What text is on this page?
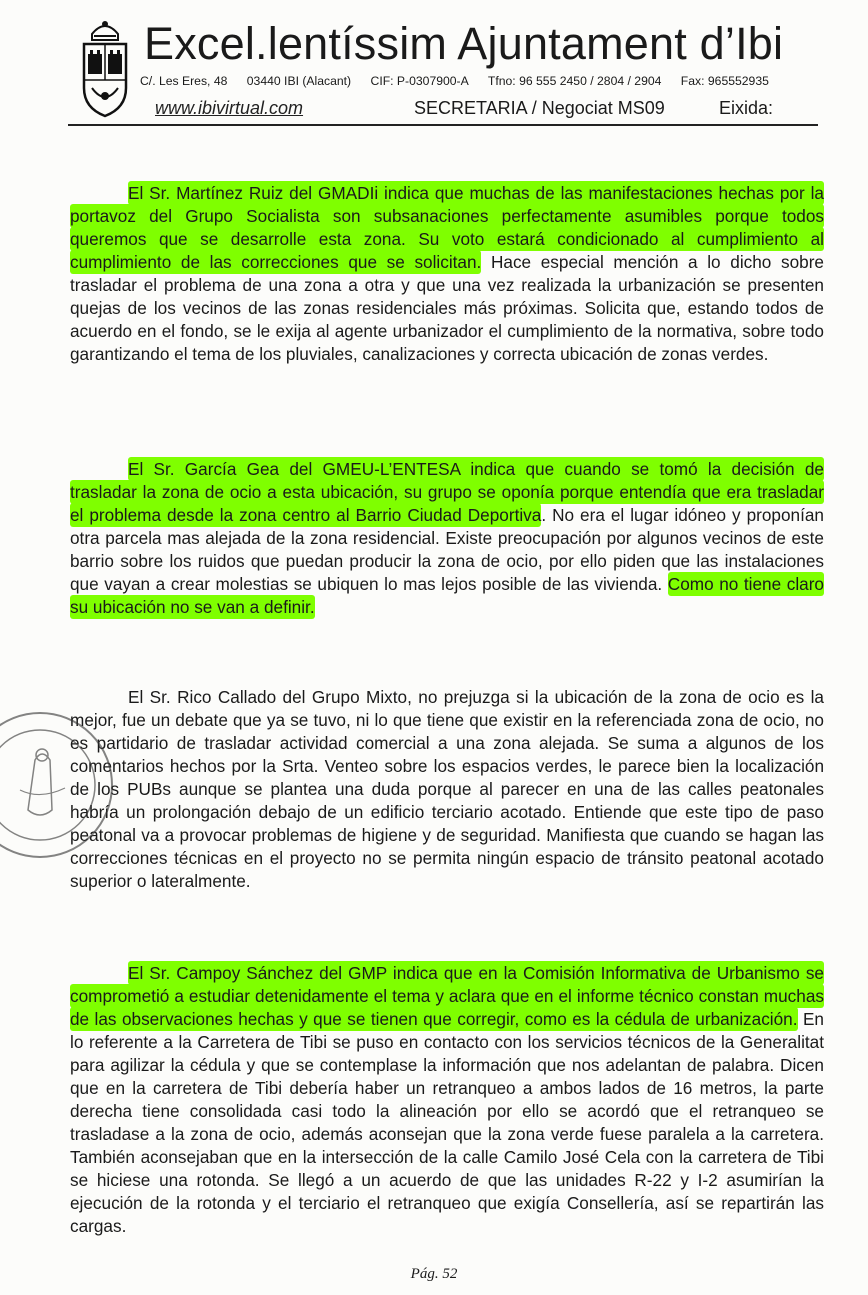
Excel.lentíssim Ajuntament d’Ibi
C/. Les Eres, 48 03440 IBI (Alacant) CIF: P-0307900-A Tfno: 96 555 2450 / 2804 / 2904 Fax: 965552935
www.ibivirtual.com	SECRETARIA / Negociat MS09	Eixida:

El Sr. Martínez Ruiz del GMADIi indica que muchas de las manifestaciones hechas por la portavoz del Grupo Socialista son subsanaciones perfectamente asumibles porque todos queremos que se desarrolle esta zona. Su voto estará condicionado al cumplimiento al cumplimiento de las correcciones que se solicitan. Hace especial mención a lo dicho sobre trasladar el problema de una zona a otra y que una vez realizada la urbanización se presenten quejas de los vecinos de las zonas residenciales más próximas. Solicita que, estando todos de acuerdo en el fondo, se le exija al agente urbanizador el cumplimiento de la normativa, sobre todo garantizando el tema de los pluviales, canalizaciones y correcta ubicación de zonas verdes.

El Sr. García Gea del GMEU-L’ENTESA indica que cuando se tomó la decisión de trasladar la zona de ocio a esta ubicación, su grupo se oponía porque entendía que era trasladar el problema desde la zona centro al Barrio Ciudad Deportiva. No era el lugar idóneo y proponían otra parcela mas alejada de la zona residencial. Existe preocupación por algunos vecinos de este barrio sobre los ruidos que puedan producir la zona de ocio, por ello piden que las instalaciones que vayan a crear molestias se ubiquen lo mas lejos posible de las vivienda. Como no tiene claro su ubicación no se van a definir.

El Sr. Rico Callado del Grupo Mixto, no prejuzga si la ubicación de la zona de ocio es la mejor, fue un debate que ya se tuvo, ni lo que tiene que existir en la referenciada zona de ocio, no es partidario de trasladar actividad comercial a una zona alejada. Se suma a algunos de los comentarios hechos por la Srta. Venteo sobre los espacios verdes, le parece bien la localización de los PUBs aunque se plantea una duda porque al parecer en una de las calles peatonales habría un prolongación debajo de un edificio terciario acotado. Entiende que este tipo de paso peatonal va a provocar problemas de higiene y de seguridad. Manifiesta que cuando se hagan las correcciones técnicas en el proyecto no se permita ningún espacio de tránsito peatonal acotado superior o lateralmente.

El Sr. Campoy Sánchez del GMP indica que en la Comisión Informativa de Urbanismo se comprometió a estudiar detenidamente el tema y aclara que en el informe técnico constan muchas de las observaciones hechas y que se tienen que corregir, como es la cédula de urbanización. En lo referente a la Carretera de Tibi se puso en contacto con los servicios técnicos de la Generalitat para agilizar la cédula y que se contemplase la información que nos adelantan de palabra. Dicen que en la carretera de Tibi debería haber un retranqueo a ambos lados de 16 metros, la parte derecha tiene consolidada casi todo la alineación por ello se acordó que el retranqueo se trasladase a la zona de ocio, además aconsejan que la zona verde fuese paralela a la carretera. También aconsejaban que en la intersección de la calle Camilo José Cela con la carretera de Tibi se hiciese una rotonda. Se llegó a un acuerdo de que las unidades R-22 y I-2 asumirían la ejecución de la rotonda y el terciario el retranqueo que exigía Consellería, así se repartirán las cargas.

Pág. 52
